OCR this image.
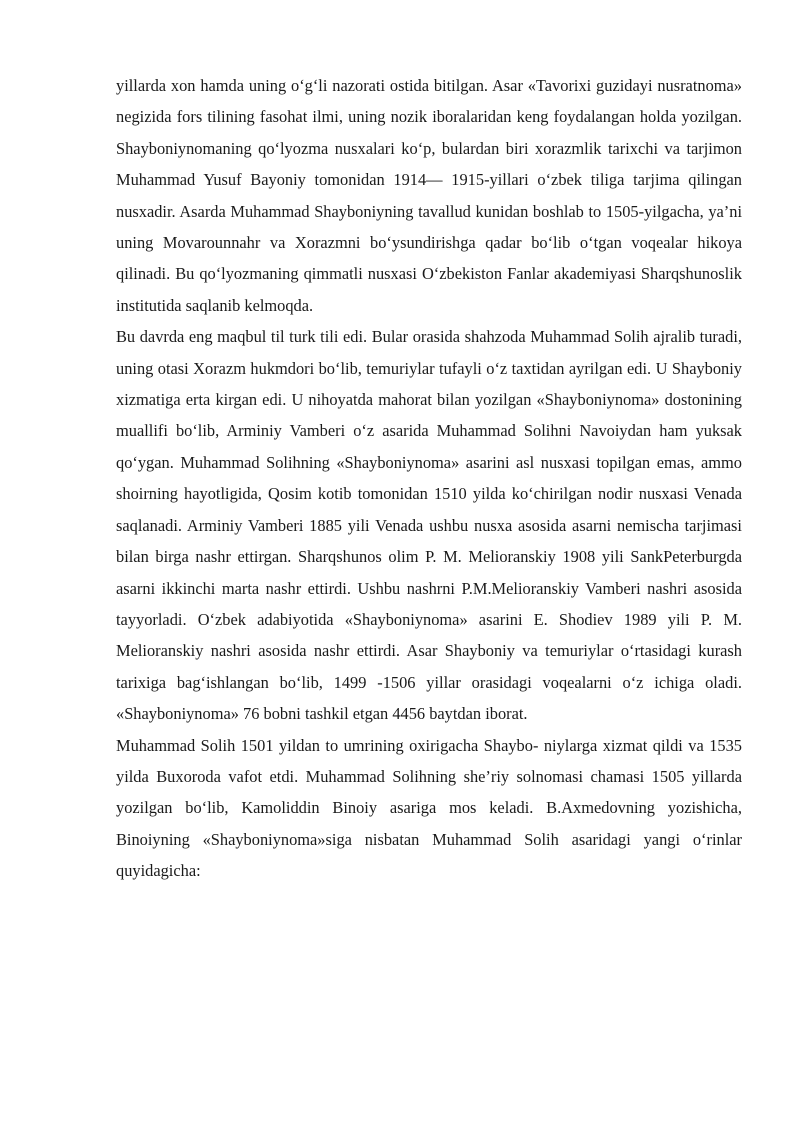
yillarda xon hamda uning o‘g‘li nazorati ostida bitilgan. Asar «Tavorixi guzidayi nusratnoma» negizida fors tilining fasohat ilmi, uning nozik iboralaridan keng foydalangan holda yozilgan. Shayboniynomaning qo‘lyozma nusxalari ko‘p, bulardan biri xorazmlik tarixchi va tarjimon Muhammad Yusuf Bayoniy tomonidan 1914— 1915-yillari o‘zbek tiliga tarjima qilingan nusxadir. Asarda Muhammad Shayboniyning tavallud kunidan boshlab to 1505-yilgacha, ya’ni uning Movarounnahr va Xorazmni bo‘ysundirishga qadar bo‘lib o‘tgan voqealar hikoya qilinadi. Bu qo‘lyozmaning qimmatli nusxasi O‘zbekiston Fanlar akademiyasi Sharqshunoslik institutida saqlanib kelmoqda.

Bu davrda eng maqbul til turk tili edi. Bular orasida shahzoda Muhammad Solih ajralib turadi, uning otasi Xorazm hukmdori bo‘lib, temuriylar tufayli o‘z taxtidan ayrilgan edi. U Shayboniy xizmatiga erta kirgan edi. U nihoyatda mahorat bilan yozilgan «Shayboniynoma» dostonining muallifi bo‘lib, Arminiy Vamberi o‘z asarida Muhammad Solihni Navoiydan ham yuksak qo‘ygan. Muhammad Solihning «Shayboniynoma» asarini asl nusxasi topilgan emas, ammo shoirning hayotligida, Qosim kotib tomonidan 1510 yilda ko‘chirilgan nodir nusxasi Venada saqlanadi. Arminiy Vamberi 1885 yili Venada ushbu nusxa asosida asarni nemischa tarjimasi bilan birga nashr ettirgan. Sharqshunos olim P. M. Melioranskiy 1908 yili SankPeterburgda asarni ikkinchi marta nashr ettirdi. Ushbu nashrni P.M.Melioranskiy Vamberi nashri asosida tayyorladi. O‘zbek adabiyotida «Shayboniynoma» asarini E. Shodiev 1989 yili P. M. Melioranskiy nashri asosida nashr ettirdi. Asar Shayboniy va temuriylar o‘rtasidagi kurash tarixiga bag‘ishlangan bo‘lib, 1499 -1506 yillar orasidagi voqealarni o‘z ichiga oladi. «Shayboniynoma» 76 bobni tashkil etgan 4456 baytdan iborat.

Muhammad Solih 1501 yildan to umrining oxirigacha Shaybo- niylarga xizmat qildi va 1535 yilda Buxoroda vafot etdi. Muhammad Solihning she’riy solnomasi chamasi 1505 yillarda yozilgan bo‘lib, Kamoliddin Binoiy asariga mos keladi. B.Axmedovning yozishicha, Binoiyning «Shayboniynoma»siga nisbatan Muhammad Solih asaridagi yangi o‘rinlar quyidagicha:
